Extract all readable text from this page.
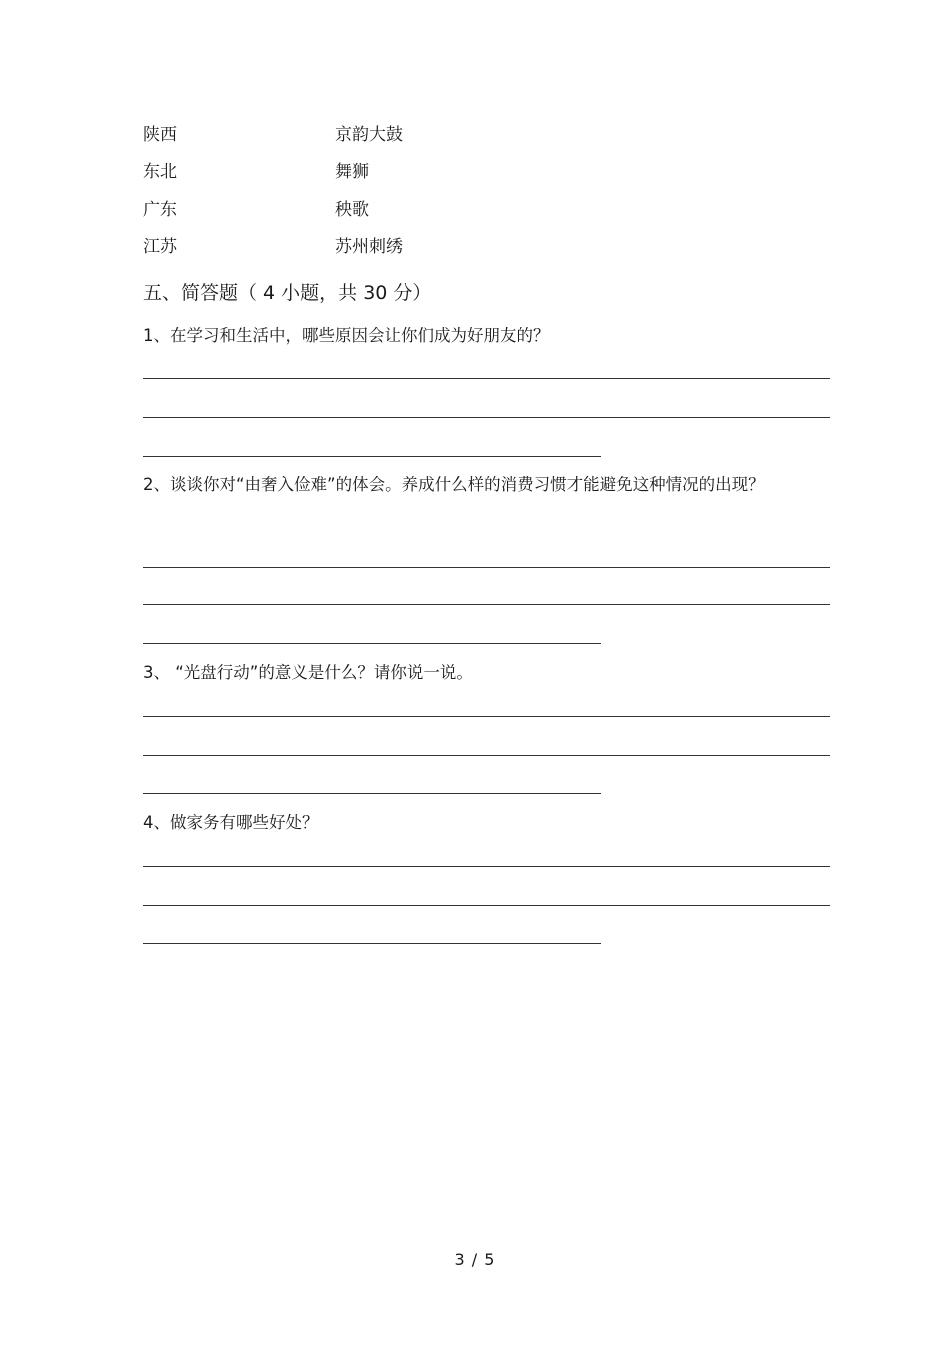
陕西	京韵大鼓
东北	舞狮
广东	秧歌
江苏	苏州刺绣
五、简答题（ 4 小题，共 30 分）
1、在学习和生活中，哪些原因会让你们成为好朋友的？
2、谈谈你对“由奢入俭难”的体会。养成什么样的消费习惯才能避免这种情况的出现？
3、 “光盘行动”的意义是什么？请你说一说。
4、做家务有哪些好处？
3 / 5
